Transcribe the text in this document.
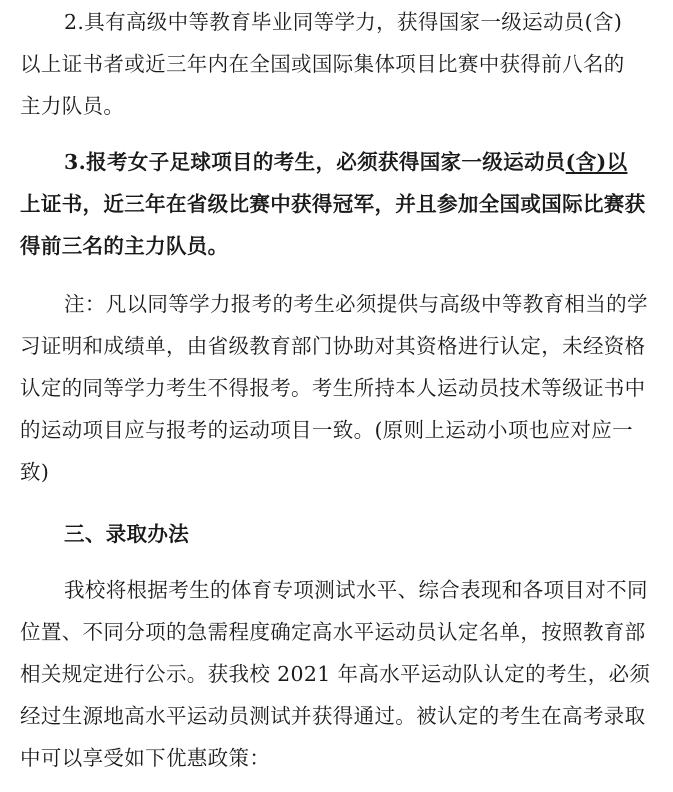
2.具有高级中等教育毕业同等学力，获得国家一级运动员(含)
以上证书者或近三年内在全国或国际集体项目比赛中获得前八名的
主力队员。
3.报考女子足球项目的考生，必须获得国家一级运动员(含)以
上证书，近三年在省级比赛中获得冠军，并且参加全国或国际比赛获
得前三名的主力队员。
注：凡以同等学力报考的考生必须提供与高级中等教育相当的学
习证明和成绩单，由省级教育部门协助对其资格进行认定，未经资格
认定的同等学力考生不得报考。考生所持本人运动员技术等级证书中
的运动项目应与报考的运动项目一致。(原则上运动小项也应对应一
致)
三、录取办法
我校将根据考生的体育专项测试水平、综合表现和各项目对不同
位置、不同分项的急需程度确定高水平运动员认定名单，按照教育部
相关规定进行公示。获我校 2021 年高水平运动队认定的考生，必须
经过生源地高水平运动员测试并获得通过。被认定的考生在高考录取
中可以享受如下优惠政策：
